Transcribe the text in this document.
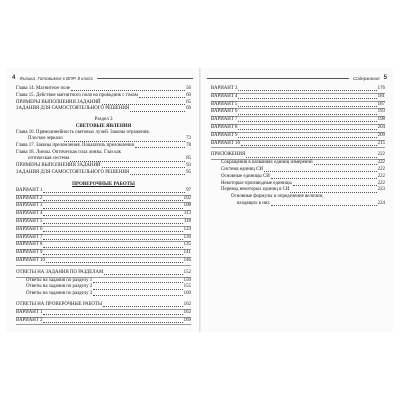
4 Физика. Готовимся к ВПР. 8 класс
Глава 14. Магнитное поле	56
Глава 15. Действие магнитного поля на проводник с током	60
ПРИМЕРЫ ВЫПОЛНЕНИЯ ЗАДАНИЙ	65
ЗАДАНИЯ ДЛЯ САМОСТОЯТЕЛЬНОГО РЕШЕНИЯ	69
Раздел 3
СВЕТОВЫЕ ЯВЛЕНИЯ
Глава 16. Прямолинейность световых лучей. Законы отражения.
Плоское зеркало	73
Глава 17. Законы преломления. Показатель преломления	78
Глава 18. Линзы. Оптическая сила линзы. Глаз как
оптическая система	85
ПРИМЕРЫ ВЫПОЛНЕНИЯ ЗАДАНИЙ	93
ЗАДАНИЯ ДЛЯ САМОСТОЯТЕЛЬНОГО РЕШЕНИЯ	95
ПРОВЕРОЧНЫЕ РАБОТЫ
ВАРИАНТ 1	97
ВАРИАНТ 2	102
ВАРИАНТ 3	108
ВАРИАНТ 4	113
ВАРИАНТ 5	118
ВАРИАНТ 6	124
ВАРИАНТ 7	130
ВАРИАНТ 8	135
ВАРИАНТ 9	141
ВАРИАНТ 10	146
ОТВЕТЫ НА ЗАДАНИЯ ПО РАЗДЕЛАМ	152
Ответы на задания по разделу 1	150
Ответы на задания по разделу 2	155
Ответы на задания по разделу 3	160
ОТВЕТЫ НА ПРОВЕРОЧНЫЕ РАБОТЫ	162
ВАРИАНТ 1	162
ВАРИАНТ 2	169
Содержание 5
ВАРИАНТ 3	176
ВАРИАНТ 4	181
ВАРИАНТ 5	187
ВАРИАНТ 6	193
ВАРИАНТ 7	198
ВАРИАНТ 8	204
ВАРИАНТ 9	209
ВАРИАНТ 10	215
ПРИЛОЖЕНИЯ	222
Сокращения в названиях единиц измерений	222
Система единиц СИ	222
Основные единицы СИ	222
Некоторые производные единицы	222
Перевод некоторых единиц в СИ	223
Основные формулы и определение величин,
входящих в них	224
